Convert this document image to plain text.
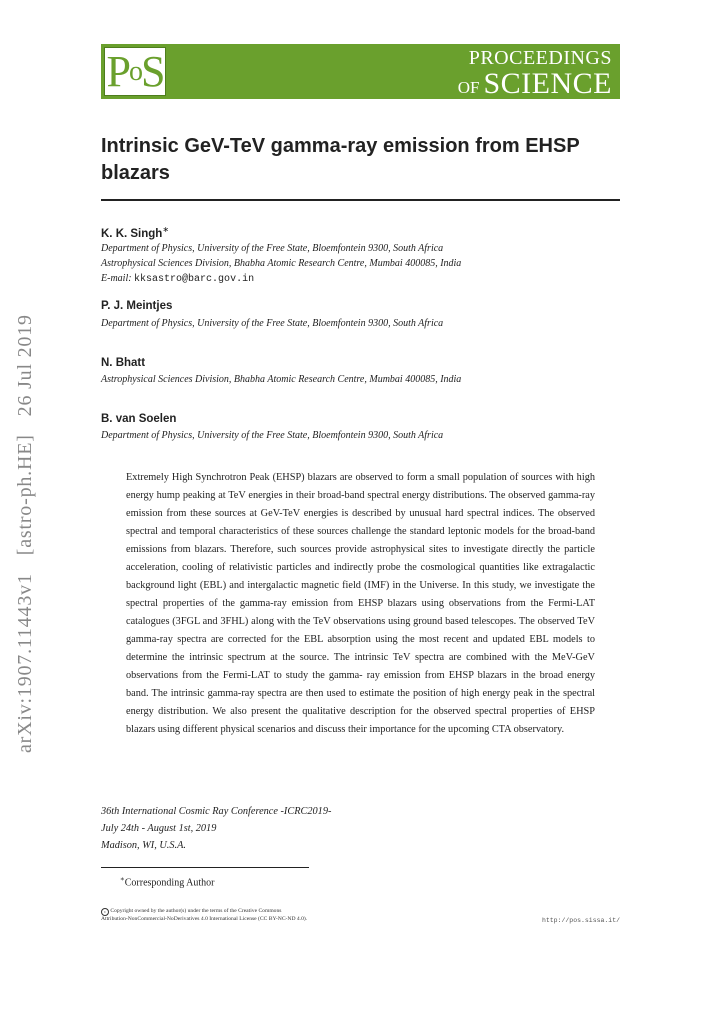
PoS	PROCEEDINGS
OF SCIENCE
Intrinsic GeV-TeV gamma-ray emission from EHSP blazars
arXiv:1907.11443v1[astro-ph.HE]26 Jul 2019
K. K. Singh∗
Department of Physics, University of the Free State, Bloemfontein 9300, South Africa
Astrophysical Sciences Division, Bhabha Atomic Research Centre, Mumbai 400085, India
E-mail: kksastro@barc.gov.in
P. J. Meintjes
Department of Physics, University of the Free State, Bloemfontein 9300, South Africa
N. Bhatt
Astrophysical Sciences Division, Bhabha Atomic Research Centre, Mumbai 400085, India
B. van Soelen
Department of Physics, University of the Free State, Bloemfontein 9300, South Africa
Extremely High Synchrotron Peak (EHSP) blazars are observed to form a small population of sources with high energy hump peaking at TeV energies in their broad-band spectral energy distributions. The observed gamma-ray emission from these sources at GeV-TeV energies is described by unusual hard spectral indices. The observed spectral and temporal characteristics of these sources challenge the standard leptonic models for the broad-band emissions from blazars. Therefore, such sources provide astrophysical sites to investigate directly the particle acceleration, cooling of relativistic particles and indirectly probe the cosmological quantities like extragalactic background light (EBL) and intergalactic magnetic field (IMF) in the Universe. In this study, we investigate the spectral properties of the gamma-ray emission from EHSP blazars using observations from the Fermi-LAT catalogues (3FGL and 3FHL) along with the TeV observations using ground based telescopes. The observed TeV gamma-ray spectra are corrected for the EBL absorption using the most recent and updated EBL models to determine the intrinsic spectrum at the source. The intrinsic TeV spectra are combined with the MeV-GeV observations from the Fermi-LAT to study the gamma- ray emission from EHSP blazars in the broad energy band. The intrinsic gamma-ray spectra are then used to estimate the position of high energy peak in the spectral energy distribution. We also present the qualitative description for the observed spectral properties of EHSP blazars using different physical scenarios and discuss their importance for the upcoming CTA observatory.
36th International Cosmic Ray Conference -ICRC2019-
July 24th - August 1st, 2019
Madison, WI, U.S.A.
∗Corresponding Author
c Copyright owned by the author(s) under the terms of the Creative Commons
Attribution-NonCommercial-NoDerivatives 4.0 International License (CC BY-NC-ND 4.0).	http://pos.sissa.it/
